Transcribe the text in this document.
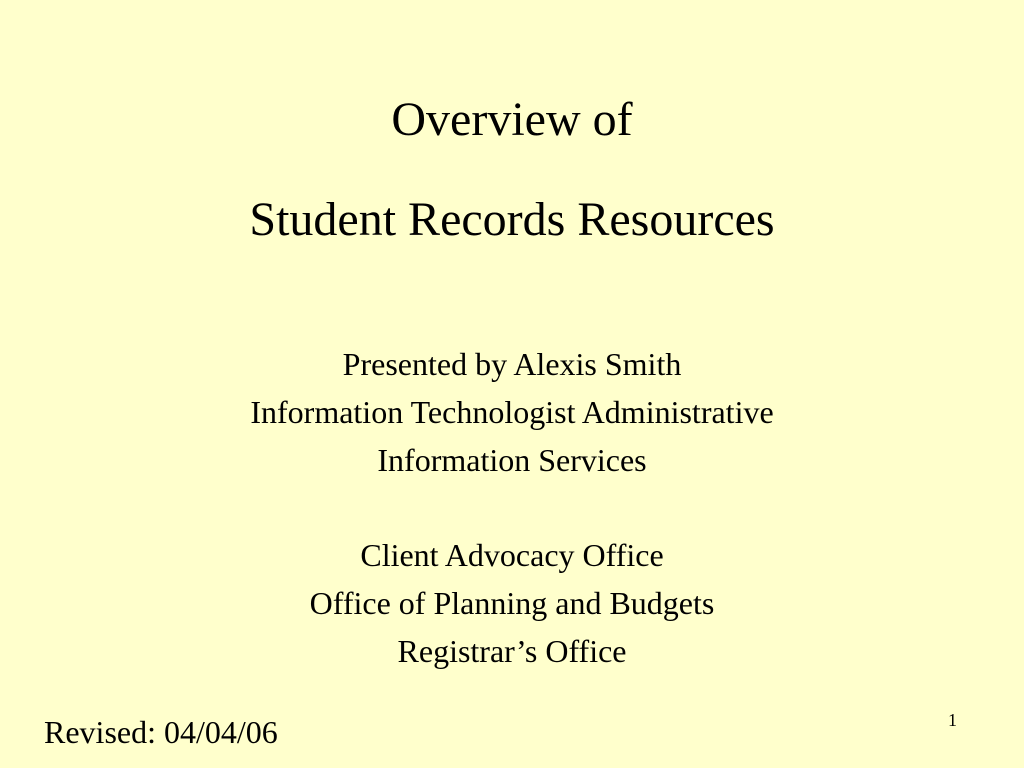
Overview of
Student Records Resources
Presented by Alexis Smith
Information Technologist Administrative
Information Services
Client Advocacy Office
Office of Planning and Budgets
Registrar’s Office
Revised: 04/04/06	1
